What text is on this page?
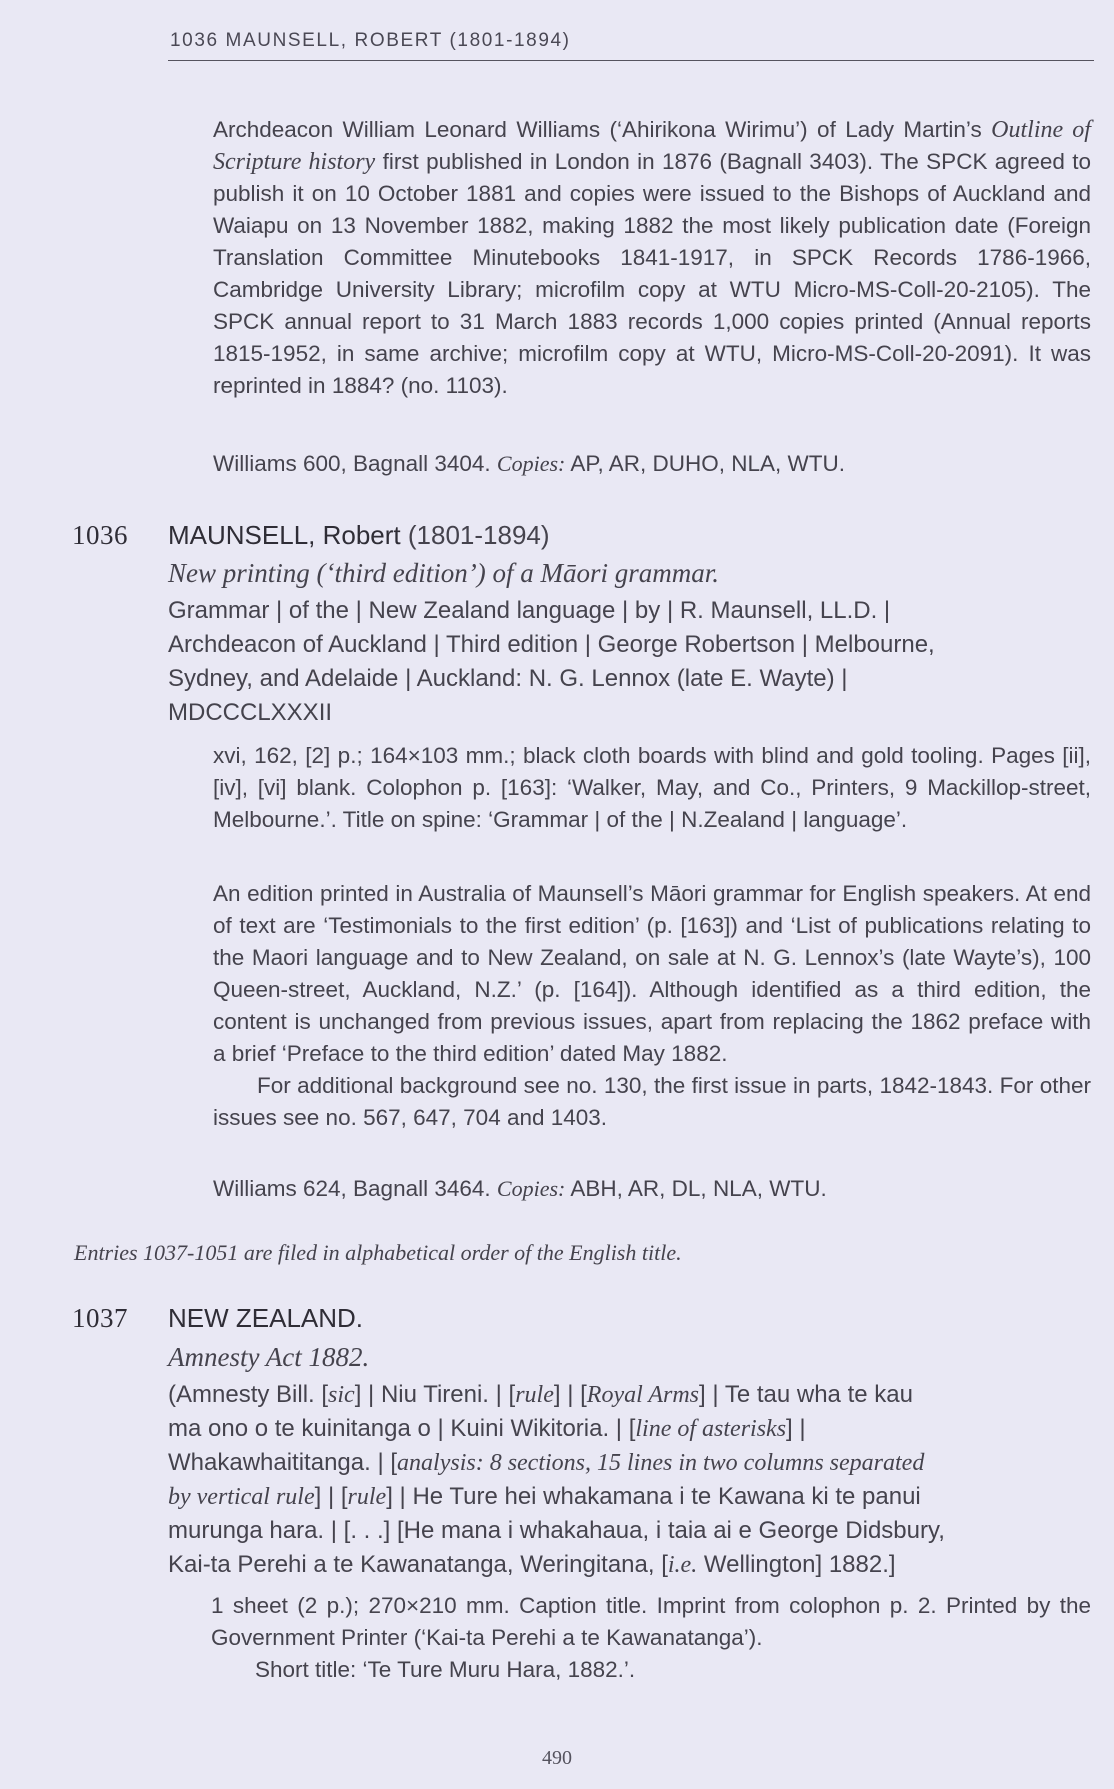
1036 MAUNSELL, ROBERT (1801-1894)

Archdeacon William Leonard Williams (‘Ahirikona Wirimu’) of Lady Martin’s Outline of Scripture history first published in London in 1876 (Bagnall 3403). The SPCK agreed to publish it on 10 October 1881 and copies were issued to the Bishops of Auckland and Waiapu on 13 November 1882, making 1882 the most likely publication date (Foreign Translation Committee Minutebooks 1841-1917, in SPCK Records 1786-1966, Cambridge University Library; microfilm copy at WTU Micro-MS-Coll-20-2105). The SPCK annual report to 31 March 1883 records 1,000 copies printed (Annual reports 1815-1952, in same archive; microfilm copy at WTU, Micro-MS-Coll-20-2091). It was reprinted in 1884? (no. 1103).

Williams 600, Bagnall 3404. Copies: AP, AR, DUHO, NLA, WTU.
1036 MAUNSELL, Robert (1801-1894)
New printing (‘third edition’) of a Māori grammar.

Grammar | of the | New Zealand language | by | R. Maunsell, LL.D. |

Archdeacon of Auckland | Third edition | George Robertson | Melbourne,

Sydney, and Adelaide | Auckland: N. G. Lennox (late E. Wayte) |

MDCCCLXXXII

xvi, 162, [2] p.; 164×103 mm.; black cloth boards with blind and gold tooling. Pages [ii], [iv], [vi] blank. Colophon p. [163]: ‘Walker, May, and Co., Printers, 9 Mackillop-street, Melbourne.’. Title on spine: ‘Grammar | of the | N.Zealand | language’.

An edition printed in Australia of Maunsell’s Māori grammar for English speakers. At end of text are ‘Testimonials to the first edition’ (p. [163]) and ‘List of publications relating to the Maori language and to New Zealand, on sale at N. G. Lennox’s (late Wayte’s), 100 Queen-street, Auckland, N.Z.’ (p. [164]). Although identified as a third edition, the content is unchanged from previous issues, apart from replacing the 1862 preface with a brief ‘Preface to the third edition’ dated May 1882.

For additional background see no. 130, the first issue in parts, 1842-1843. For other issues see no. 567, 647, 704 and 1403.

Williams 624, Bagnall 3464. Copies: ABH, AR, DL, NLA, WTU.
Entries 1037-1051 are filed in alphabetical order of the English title.
1037 NEW ZEALAND.
Amnesty Act 1882.

(Amnesty Bill. [sic] | Niu Tireni. | [rule] | [Royal Arms] | Te tau wha te kau

ma ono o te kuinitanga o | Kuini Wikitoria. | [line of asterisks] |

Whakawhaititanga. | [analysis: 8 sections, 15 lines in two columns separated

by vertical rule] | [rule] | He Ture hei whakamana i te Kawana ki te panui

murunga hara. | [. . .] [He mana i whakahaua, i taia ai e George Didsbury,

Kai-ta Perehi a te Kawanatanga, Weringitana, [i.e. Wellington] 1882.]

1 sheet (2 p.); 270×210 mm. Caption title. Imprint from colophon p. 2. Printed by the Government Printer (‘Kai-ta Perehi a te Kawanatanga’).

Short title: ‘Te Ture Muru Hara, 1882.’.

490
